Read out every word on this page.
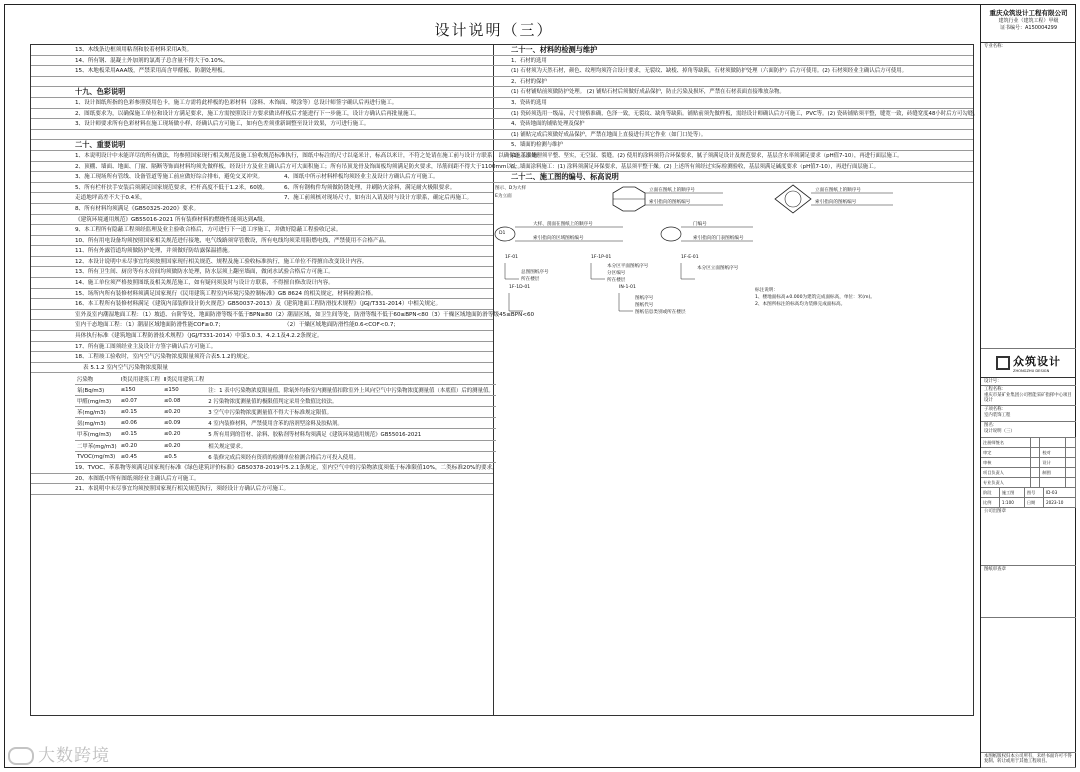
设计说明（三）
13、木线条边框须用粘剂和胶着材料采用A类。
14、所有钢、混凝土外加剂的氯离子总含量不得大于0.10%。
15、木地板采用AAA级，严禁采用高含甲醛板、防潮处理板。
十九、色彩说明
1、设计图纸所指的色彩参照使用色卡，施工方需将此样板的色彩材料（涂料、木饰面、喷涂等）总设计师签字确认后再进行施工。
2、图纸要求为，以确保施工单位和设计方满足要求，施工方需按照设计方要求做出样板后才能进行下一步施工，设计方确认后再批量施工。
3、设计师要求所有色彩材料在施工现场做小样，经确认后方可施工，如有色差须重新调整至设计效果，方可进行施工。
二十、重要说明
1、本说明设计中未能详尽的所有做法，均参照国家现行相关规范及施工验收规范标准执行，图纸中标注的尺寸以毫米计，标高以米计，不符之处请在施工前与设计方联系，以确保施工准确。
2、顶棚、墙面、地面、门窗、隔断等饰面材料均须先做样板，经设计方及业主确认后方可大面积施工；所有吊顶龙骨及饰面板均须满足防火要求，吊筋间距不得大于1100mm以上。
3、施工现场所有管线、设备管道等施工前应做好综合排布，避免交叉冲突。	4、图纸中所示材料样板均须经业主及设计方确认后方可施工。
5、所有栏杆扶手安装后须满足国家规范要求，栏杆高度不低于1.2米，60坡。	6、所有钢构件均须做防锈处理，并刷防火涂料，满足耐火极限要求。
走道地坪高差不大于0.4米。	7、施工前须核对现场尺寸，如有出入请及时与设计方联系，确定后再施工。
8、所有材料均须满足《GB50325-2020》要求。
《建筑环境通用规范》GB55016-2021 所有装修材料的燃烧性能须达到A级。
9、本工程所有隐蔽工程须经监理及业主验收合格后，方可进行下一道工序施工，并做好隐蔽工程验收记录。
10、所有用电设备均须按照国家相关规范进行接地，电气线路须穿管敷设，所有电线均须采用阻燃电线，严禁使用不合格产品。
11、所有外露管道均须做防护处理，并须做好防结露保温措施。
12、本设计说明中未尽事宜均须按照国家现行相关规范、规程及施工验收标准执行，施工单位不得擅自改变设计内容。
13、所有卫生间、厨房等有水房间均须做防水处理，防水层须上翻至墙面，做闭水试验合格后方可施工。
14、施工单位须严格按照图纸及相关规范施工，如有疑问须及时与设计方联系，不得擅自修改设计内容。
15、场所内所有装修材料须满足国家现行《民用建筑工程室内环境污染控制标准》GB 8624 的相关规定，材料检测合格。
16、本工程所有装修材料满足《建筑内部装修设计防火规范》GB50037-2013）及《建筑地面工程防滑技术规程》（JGJ/T331-2014）中相关规定。
室外及室内潮湿地面工程：（1）坡道、台阶等处，地面防滑等级不低于BPN≥80（2）潮湿区域，如卫生间等处，防滑等级不低于60≤BPN<80（3）干燥区域地面防滑等级45≤BPN<60
室内干态地面工程：（1）潮湿区域地面防滑性能COF≥0.7；	（2）干燥区域地面防滑性能0.6<COF<0.7；
具体执行标准《建筑地面工程防滑技术规程》（JGJ/T331-2014）中第3.0.3、4.2.1及4.2.2条规定。
17、所有施工图须经业主及设计方签字确认后方可施工。
18、工程竣工验收时，室内空气污染物浓度限量须符合表5.1.2的规定。
表 5.1.2 室内空气污染物浓度限量
污染物	Ⅰ类民用建筑工程	Ⅱ类民用建筑工程	
氡(Bq/m3)	≤150	≤150	注：1 表中污染物浓度限量值，除氡外均指室内测量值扣除室外上风向空气中污染物浓度测量值（本底值）后的测量值。
甲醛(mg/m3)	≤0.07	≤0.08	2 污染物浓度测量值的极限值判定采用全数值比较法。
苯(mg/m3)	≤0.15	≤0.20	3 空气中污染物浓度测量值不得大于标准规定限值。
氨(mg/m3)	≤0.06	≤0.09	4 室内装修材料，严禁使用含苯的溶剂型涂料及胶粘剂。
甲苯(mg/m3)	≤0.15	≤0.20	5 所有用到的管材、涂料、胶粘剂等材料均须满足《建筑环境通用规范》GB55016-2021
二甲苯(mg/m3)	≤0.20	≤0.20	相关规定要求。
TVOC(mg/m3)	≤0.45	≤0.5	6 装修完成后须经有资质的检测单位检测合格后方可投入使用。
19、TVOC、苯系物等须满足国家现行标准《绿色建筑评价标准》GB50378-2019中5.2.1条规定，室内空气中的污染物浓度须低于标准限值10%，二类标准20%的要求。
20、本图纸中所有图纸须经业主确认后方可施工。
21、本说明中未尽事宜均须按照国家现行相关规范执行，须经设计方确认后方可施工。
二十一、材料的检测与维护
1、石材的选用
(1) 石材须为天然石材，颜色、纹理均须符合设计要求，无裂纹、缺棱、掉角等缺陷，石材须做防护处理（六面防护）后方可使用。(2) 石材须经业主确认后方可使用。
2、石材的保护
(1) 石材铺贴前须做防护处理。 (2) 铺贴石材后须做好成品保护，防止污染及损坏，严禁在石材表面直接堆放杂物。
3、瓷砖的选用
(1) 瓷砖须选用一级品，尺寸规格准确，色泽一致，无裂纹、缺角等缺陷。铺贴前须先做样板，需经设计师确认后方可施工，PVC等。(2) 瓷砖铺贴须平整，缝宽一致，砖缝宽度48小时后方可勾缝。
4、瓷砖地面的铺贴处理及保护
(1) 铺贴完成后须做好成品保护，严禁在地面上直接进行其它作业（如门口处等）。
5、墙面的检测与维护
(1) 基层处理须平整、坚实，无空鼓、裂缝。(2) 使用的涂料须符合环保要求，腻子须满足设计及规范要求，基层含水率须满足要求（pH值7-10），再进行面层施工。
6、墙面涂料施工：(1) 涂料须满足环保要求，基层须平整干燥。(2) 上述所有须经过实际检测验收，基层须满足碱度要求（pH值7-10），再进行面层施工。
二十二、施工图的编号、标高说明
图示、D为大样
E为立面
立面在图纸上的顺序号
索引指向的图纸编号
立面在图纸上的顺序号
索引指向的图纸编号
大样、剖面在图纸上的顺序号
索引指向的区域图纸编号
门编号
索引指向的门表图纸编号
D1
1F-01	1F-1P-01	1F-E-01
1F-1D-01	IN-1-01
总图图纸序号
所在楼层
本分区平面图纸序号
分区编号
所在楼层
本分区立面图纸序号
图纸序号
图纸代号
图纸信息类别或所在楼层
标注说明：
1、楼地面标高±0.000为建筑完成面标高，单位：米(m)。
2、本图所标注的标高均为装修完成面标高。
重庆众筑设计工程有限公司
建筑行业（建筑工程）甲级
证书编号：A150004299
专业名称：
众筑设计
ZHONGZHU DESIGN
设计号：
工程名称：
重庆市某矿业集团公司智能采矿指挥中心项目设计
子项名称：
室内装饰工程
图名：
设计说明（三）
注册师签名			
审定		校对	
审核		设计	
项目负责人		制图	
专业负责人			
阶段	施工图	图号	ID-03
比例	1:100	日期	2023-10
公司出图章
图纸审查章
本图纸版权归本公司所有，未经书面许可不得复制、转让或用于其他工程项目。
大数跨境
